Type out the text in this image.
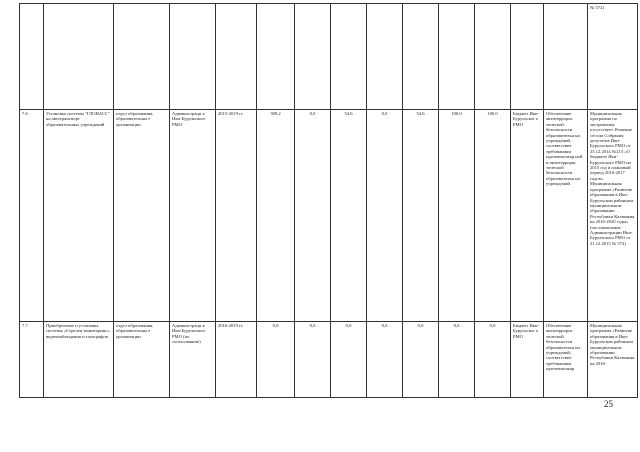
														№ 572)
7.6	Установка системы "ГЛОНАСС" на автотранспорт образовательных учреждений	отдел образования, образовательны е организации	Администраци я Ики-Бурульского РМО	2015-2019 гг.	309,2	0,0	54,6	0,0	54,6	100,0	100,0	Бюджет Ики-Бурульског о РМО	Обеспечение антитеррорис тической безопасности образовательн ых учреждений, соответствие требованиям противопожар ной и антитеррорис тической безопасности образовательн ых учреждений	Муниципальная программа по экстремизму отсутствует. Решение сессии Собрания депутатов Ики-Бурульского РМО от 25.12.2014 №213 «О бюджете Ики-Бурульского РМО на 2015 год и плановый период 2016-2017 годов» Муниципальная программа «Развитие образования в Ики-Бурульском районном муниципальном образовании Республики Калмыкия на 2016-2020 годы» (постановление Администрации Ики-Бурульского РМО от 21.12.2015 № 572)
7.7	Приобретение и установка системы «Стрелец-мониторинг», видеонаблюдения и тахографов	отдел образования, образовательны е организации	Администраци я Ики-Бурульского РМО (по согласованию)	2016-2019 гг.	0,0	0,0	0,0	0,0	0,0	0,0	0,0	Бюджет Ики-Бурульског о РМО	Обеспечение антитеррорис тической безопасности образовательн ых учреждений, соответствие требованиям противопожар	Муниципальная программа «Развитие образования в Ики-Бурульском районном муниципальном образовании Республики Калмыкия на 2016-
25
